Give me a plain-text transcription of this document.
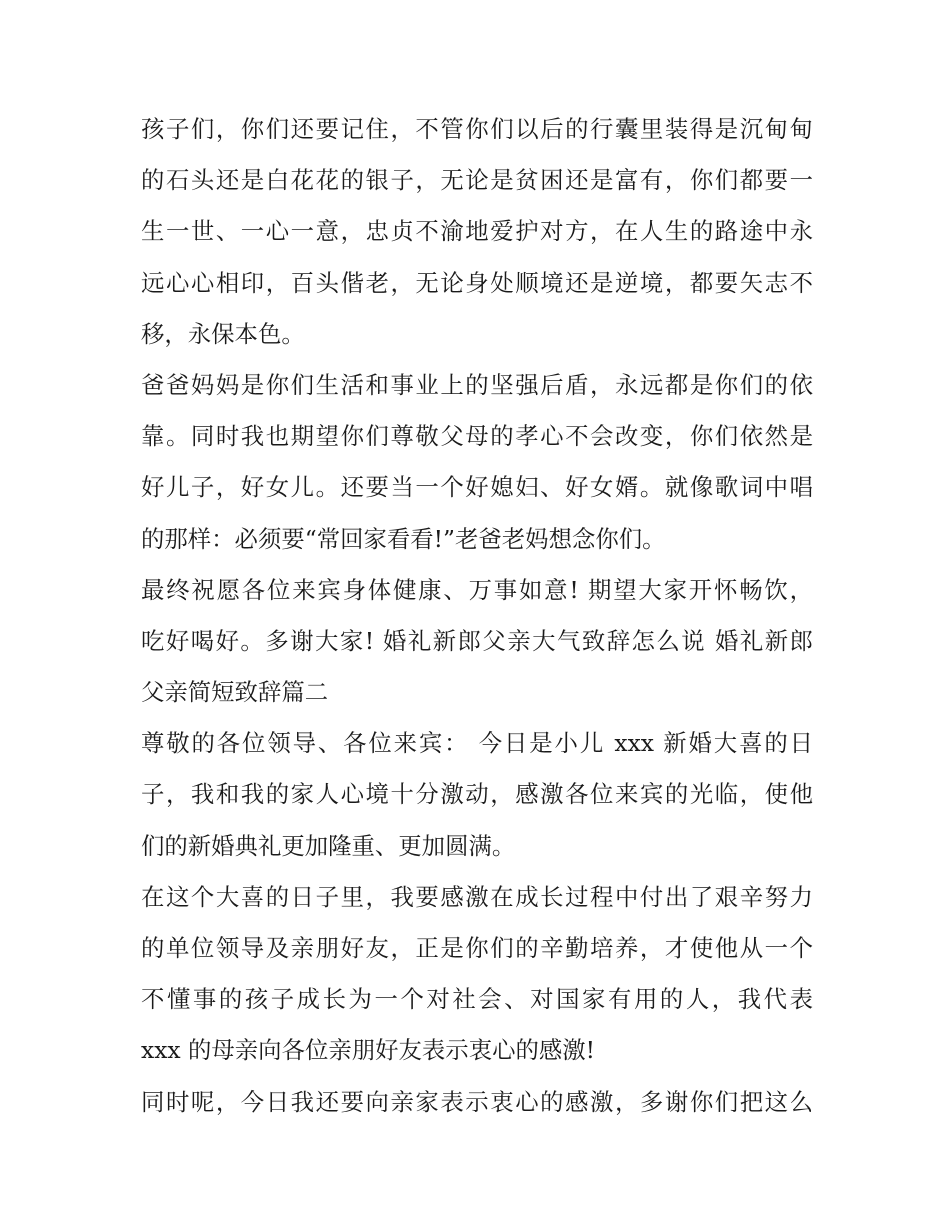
孩子们，你们还要记住，不管你们以后的行囊里装得是沉甸甸
的石头还是白花花的银子，无论是贫困还是富有，你们都要一
生一世、一心一意，忠贞不渝地爱护对方，在人生的路途中永
远心心相印，百头偕老，无论身处顺境还是逆境，都要矢志不
移，永保本色。
爸爸妈妈是你们生活和事业上的坚强后盾，永远都是你们的依
靠。同时我也期望你们尊敬父母的孝心不会改变，你们依然是
好儿子，好女儿。还要当一个好媳妇、好女婿。就像歌词中唱
的那样：必须要“常回家看看!”老爸老妈想念你们。
最终祝愿各位来宾身体健康、万事如意! 期望大家开怀畅饮，
吃好喝好。多谢大家! 婚礼新郎父亲大气致辞怎么说 婚礼新郎
父亲简短致辞篇二
尊敬的各位领导、各位来宾： 今日是小儿 xxx 新婚大喜的日
子，我和我的家人心境十分激动，感激各位来宾的光临，使他
们的新婚典礼更加隆重、更加圆满。
在这个大喜的日子里，我要感激在成长过程中付出了艰辛努力
的单位领导及亲朋好友，正是你们的辛勤培养，才使他从一个
不懂事的孩子成长为一个对社会、对国家有用的人，我代表
xxx 的母亲向各位亲朋好友表示衷心的感激!
同时呢，今日我还要向亲家表示衷心的感激，多谢你们把这么
